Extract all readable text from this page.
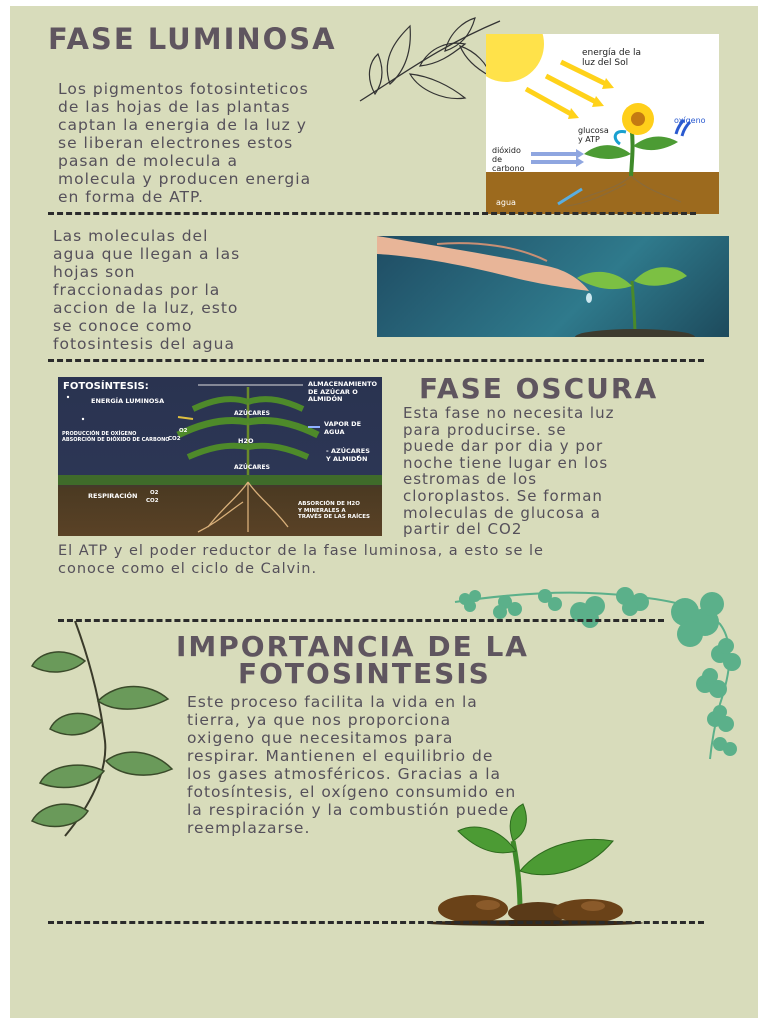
FASE LUMINOSA

Los pigmentos fotosinteticos
de las hojas de las plantas
captan la energia de la luz y
se liberan electrones estos
pasan de molecula a
molecula y producen energia
en forma de ATP.

energía de la
luz del Sol
oxígeno
glucosa
y ATP
dióxido
de
carbono
agua

Las moleculas del
agua que llegan a las
hojas son
fraccionadas por la
accion de la luz, esto
se conoce como
fotosintesis del agua

FOTOSÍNTESIS:	ALMACENAMIENTO
DE AZÚCAR O
ALMIDÓN
ENERGÍA LUMINOSA
AZÚCARES
PRODUCCIÓN DE OXÍGENO
ABSORCIÓN DE DIÓXIDO DE CARBONO
O2
CO2
VAPOR DE
AGUA
H2O
- AZÚCARES
Y ALMIDÓN
AZÚCARES
RESPIRACIÓN O2
CO2	ABSORCIÓN DE H2O
Y MINERALES A
TRAVÉS DE LAS RAÍCES
FASE OSCURA

Esta fase no necesita luz
para producirse. se
puede dar por dia y por
noche tiene lugar en los
estromas de los
cloroplastos. Se forman
moleculas de glucosa a
partir del CO2

El ATP y el poder reductor de la fase luminosa, a esto se le
conoce como el ciclo de Calvin.

IMPORTANCIA DE LA
FOTOSINTESIS

Este proceso facilita la vida en la
tierra, ya que nos proporciona
oxigeno que necesitamos para
respirar. Mantienen el equilibrio de
los gases atmosféricos. Gracias a la
fotosíntesis, el oxígeno consumido en
la respiración y la combustión puede
reemplazarse.
